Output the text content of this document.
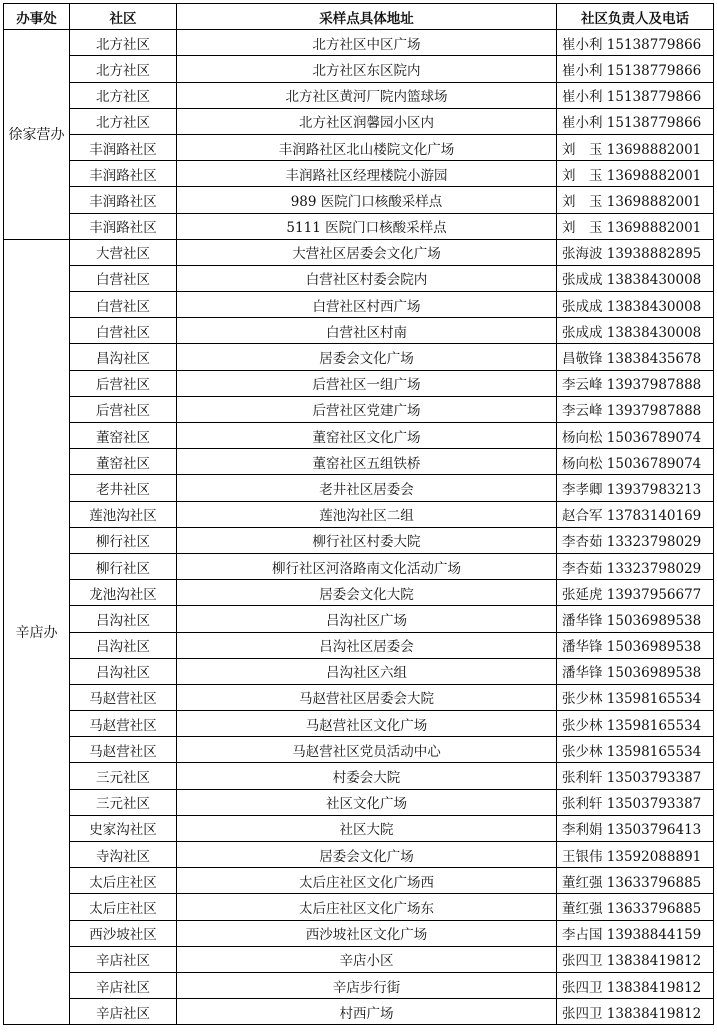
办事处	社区	采样点具体地址	社区负责人及电话
徐家营办	北方社区	北方社区中区广场	崔小利 15138779866
	北方社区	北方社区东区院内	崔小利 15138779866
	北方社区	北方社区黄河厂院内篮球场	崔小利 15138779866
	北方社区	北方社区润馨园小区内	崔小利 15138779866
	丰润路社区	丰润路社区北山楼院文化广场	刘　玉 13698882001
	丰润路社区	丰润路社区经理楼院小游园	刘　玉 13698882001
	丰润路社区	989 医院门口核酸采样点	刘　玉 13698882001
	丰润路社区	5111 医院门口核酸采样点	刘　玉 13698882001
辛店办	大营社区	大营社区居委会文化广场	张海波 13938882895
	白营社区	白营社区村委会院内	张成成 13838430008
	白营社区	白营社区村西广场	张成成 13838430008
	白营社区	白营社区村南	张成成 13838430008
	昌沟社区	居委会文化广场	昌敬锋 13838435678
	后营社区	后营社区一组广场	李云峰 13937987888
	后营社区	后营社区党建广场	李云峰 13937987888
	董窑社区	董窑社区文化广场	杨向松 15036789074
	董窑社区	董窑社区五组铁桥	杨向松 15036789074
	老井社区	老井社区居委会	李孝卿 13937983213
	莲池沟社区	莲池沟社区二组	赵合军 13783140169
	柳行社区	柳行社区村委大院	李杏茹 13323798029
	柳行社区	柳行社区河洛路南文化活动广场	李杏茹 13323798029
	龙池沟社区	居委会文化大院	张延虎 13937956677
	吕沟社区	吕沟社区广场	潘华锋 15036989538
	吕沟社区	吕沟社区居委会	潘华锋 15036989538
	吕沟社区	吕沟社区六组	潘华锋 15036989538
	马赵营社区	马赵营社区居委会大院	张少林 13598165534
	马赵营社区	马赵营社区文化广场	张少林 13598165534
	马赵营社区	马赵营社区党员活动中心	张少林 13598165534
	三元社区	村委会大院	张利轩 13503793387
	三元社区	社区文化广场	张利轩 13503793387
	史家沟社区	社区大院	李利娟 13503796413
	寺沟社区	居委会文化广场	王银伟 13592088891
	太后庄社区	太后庄社区文化广场西	董红强 13633796885
	太后庄社区	太后庄社区文化广场东	董红强 13633796885
	西沙坡社区	西沙坡社区文化广场	李占国 13938844159
	辛店社区	辛店小区	张四卫 13838419812
	辛店社区	辛店步行街	张四卫 13838419812
	辛店社区	村西广场	张四卫 13838419812
